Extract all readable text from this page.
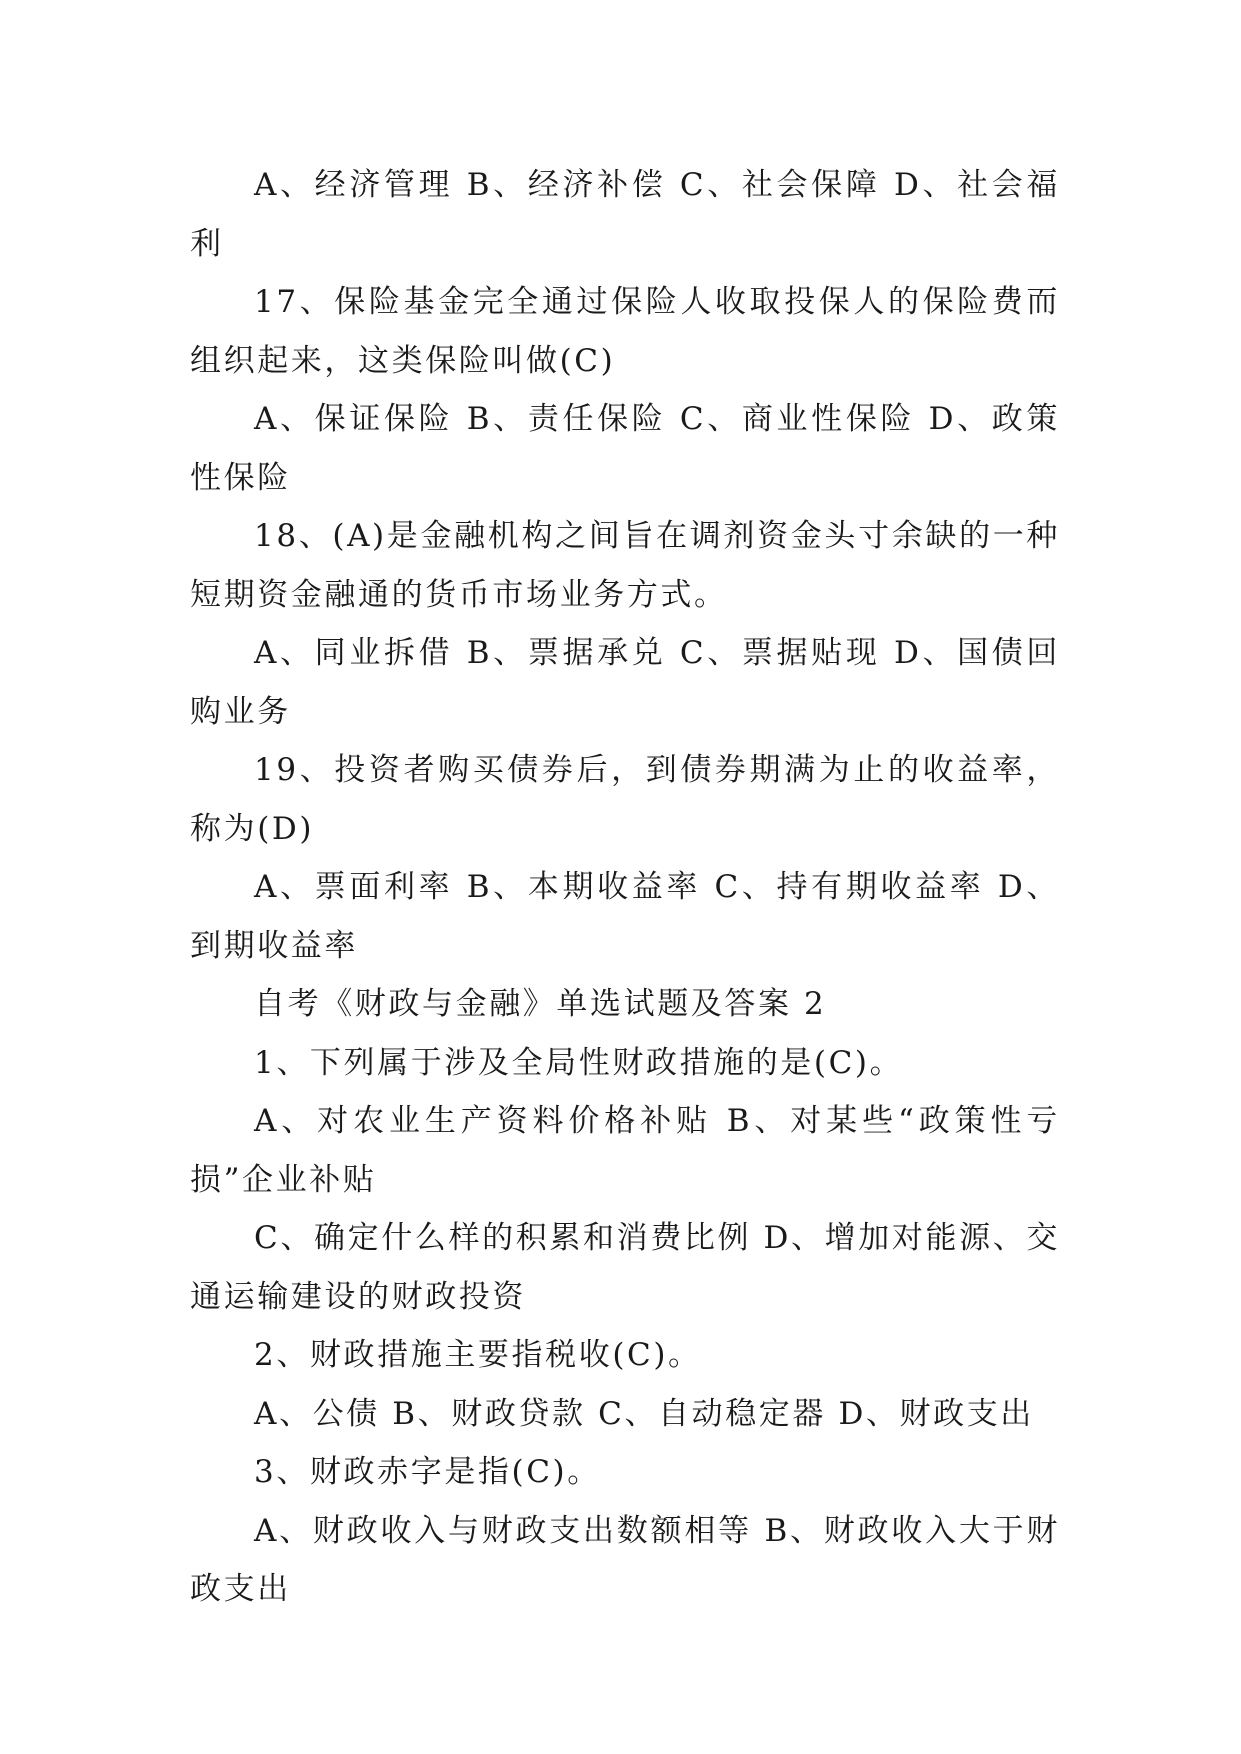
A、经济管理 B、经济补偿 C、社会保障 D、社会福利

17、保险基金完全通过保险人收取投保人的保险费而组织起来，这类保险叫做(C)

A、保证保险 B、责任保险 C、商业性保险 D、政策性保险

18、(A)是金融机构之间旨在调剂资金头寸余缺的一种短期资金融通的货币市场业务方式。

A、同业拆借 B、票据承兑 C、票据贴现 D、国债回购业务

19、投资者购买债券后，到债券期满为止的收益率，称为(D)

A、票面利率 B、本期收益率 C、持有期收益率 D、到期收益率

自考《财政与金融》单选试题及答案 2

1、下列属于涉及全局性财政措施的是(C)。

A、对农业生产资料价格补贴 B、对某些“政策性亏损”企业补贴

C、确定什么样的积累和消费比例 D、增加对能源、交通运输建设的财政投资

2、财政措施主要指税收(C)。

A、公债 B、财政贷款 C、自动稳定器 D、财政支出

3、财政赤字是指(C)。

A、财政收入与财政支出数额相等 B、财政收入大于财政支出
